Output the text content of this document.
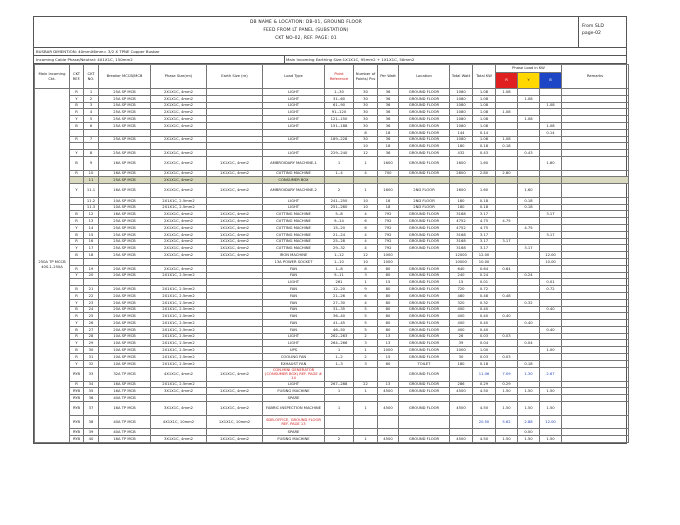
DB NAME & LOCATION: DB-01, GROUND FLOOR
FEED FROM LT PANEL (SUBSTATION)
CKT NO-02, REF. PAGE: 01
From SLD
page-02
BUSBAR DIMENTION: 40mmX6mm= 3/2 X TPNE Copper Busbar
Incoming Cable Phase/Neutral: 4X1X1C, 150mm2	Main Incoming Earthing Size:1X1X1C, 95mm2 + 1X1X1C, 50mm2
Main Incoming Ckt.	CKT REF.	CKT NO.	Breaker MCCB/MCB	Phase Size(rm)	Earth Size (re)	Load Type	Point Reference	Number of Points/ Pcs	Per Watt	Location	Total Watt	Total KW	Phase Load in KW			Remarks
													R	Y	B	
250A TP MCCB 40S-1-250A	R	1	25A SP MCB	2X1X1C, 4mm2		LIGHT	1--30	30	36	GROUND FLOOR	1080	1.08	1.08			
	Y	2	25A SP MCB	2X1X1C, 4mm2		LIGHT	31--60	30	36	GROUND FLOOR	1080	1.08		1.08		
	B	3	25A SP MCB	2X1X1C, 4mm2		LIGHT	61--90	30	36	GROUND FLOOR	1080	1.08			1.08	
	R	4	25A SP MCB	2X1X1C, 4mm2		LIGHT	91--120	30	36	GROUND FLOOR	1080	1.08	1.08			
	Y	5	25A SP MCB	2X1X1C, 4mm2		LIGHT	121--150	30	36	GROUND FLOOR	1080	1.08		1.08		
	B	6	25A SP MCB	2X1X1C, 4mm2		LIGHT	151--188	30	36	GROUND FLOOR	1080	1.08			1.08	
								8	18	GROUND FLOOR	144	0.14			0.14	
	R	7	25A SP MCB	2X1X1C, 4mm2		LIGHT	189--228	30	36	GROUND FLOOR	1080	1.08	1.08			
								10	18	GROUND FLOOR	180	0.18	0.18			
	Y	8	25A SP MCB	2X1X1C, 4mm2		LIGHT	229--240	12	36	GROUND FLOOR	432	0.43		0.43		
	B	9	16A SP MCB	2X1X1C, 4mm2	1X1X1C, 4mm2	AMBROIDARY MACHINE-1	1	1	1600	GROUND FLOOR	1600	1.60			1.60	
	R	10	16A SP MCB	2X1X1C, 4mm2	1X1X1C, 4mm2	CUTTING MACHINE	1--4	4	700	GROUND FLOOR	2800	2.80	2.80			
		11	25A SP MCB	2X1X1C, 4mm2		CONSUMER BOX										
	Y	11.1	16A SP MCB	2X1X1C, 4mm2	1X1X1C, 4mm2	AMBROIDARY MACHINE-2	2	1	1600	2ND FLOOR	1600	1.60		1.60		
		11.2	10A SP MCB	2X1X1C, 2.5mm2		LIGHT	241--250	10	18	2ND FLOOR	180	0.18		0.18		
		11.3	10A SP MCB	2X1X1C, 2.5mm2		LIGHT	251--260	10	18	2ND FLOOR	180	0.18		0.18		
	B	12	16A SP MCB	2X1X1C, 4mm2	1X1X1C, 4mm2	CUTTING MACHINE	5--8	4	792	GROUND FLOOR	3168	3.17			3.17	
	R	13	25A SP MCB	2X1X1C, 4mm2	1X1X1C, 4mm2	CUTTING MACHINE	9--14	6	792	GROUND FLOOR	4752	4.75	4.75			
	Y	14	25A SP MCB	2X1X1C, 4mm2	1X1X1C, 4mm2	CUTTING MACHINE	15--20	6	792	GROUND FLOOR	4752	4.75		4.75		
	B	15	25A SP MCB	2X1X1C, 4mm2	1X1X1C, 4mm2	CUTTING MACHINE	21--24	4	792	GROUND FLOOR	3168	3.17			3.17	
	R	16	25A SP MCB	2X1X1C, 4mm2	1X1X1C, 4mm2	CUTTING MACHINE	25--28	4	792	GROUND FLOOR	3168	3.17	3.17			
	Y	17	25A SP MCB	2X1X1C, 4mm2	1X1X1C, 4mm2	CUTTING MACHINE	29--32	4	792	GROUND FLOOR	3168	3.17		3.17		
	B	18	25A SP MCB	2X1X1C, 4mm2	1X1X1C, 4mm2	IRON MACHINE	1--12	12	1000		12000	12.00			12.00	
						13A POWER SOCKET	1--10	10	1000		10000	10.00			10.00	
	R	19	20A SP MCB	2X1X1C, 4mm2		FAN	1--8	8	80	GROUND FLOOR	640	0.64	0.64			
	Y	20	20A SP MCB	2X1X1C, 2.5mm2		FAN	9--11	3	80	GROUND FLOOR	240	0.24		0.24		
						LIGHT	261	1	15	GROUND FLOOR	15	0.01			0.01	
	B	21	20A SP MCB	2X1X1C, 2.5mm2		FAN	12--20	9	80	GROUND FLOOR	720	0.72			0.72	
	R	22	20A SP MCB	2X1X1C, 2.5mm2		FAN	21--26	6	80	GROUND FLOOR	480	0.48	0.48			
	Y	23	20A SP MCB	2X1X1C, 2.5mm2		FAN	27--30	4	80	GROUND FLOOR	320	0.32		0.32		
	B	24	20A SP MCB	2X1X1C, 2.5mm2		FAN	31--35	5	80	GROUND FLOOR	400	0.40			0.40	
	R	25	20A SP MCB	2X1X1C, 2.5mm2		FAN	36--40	5	80	GROUND FLOOR	400	0.40	0.40			
	Y	26	20A SP MCB	2X1X1C, 2.5mm2		FAN	41--45	5	80	GROUND FLOOR	400	0.40		0.40		
	B	27	20A SP MCB	2X1X1C, 2.5mm2		FAN	46--50	5	80	GROUND FLOOR	400	0.40			0.40	
	R	28	10A SP MCB	2X1X1C, 2.5mm2		LIGHT	262--263	2	13	GROUND FLOOR	26	0.03	0.03			
	Y	29	10A SP MCB	2X1X1C, 2.5mm2		LIGHT	264--266	3	13	GROUND FLOOR	39	0.04		0.04		
	B	30	10A SP MCB	2X1X1C, 2.5mm2		UPS	1	1	1000	GROUND FLOOR	1000	1.00			1.00	
	R	31	10A SP MCB	2X1X1C, 2.5mm2		COOLING FAN	1--2	2	15	GROUND FLOOR	30	0.03	0.03			
	Y	32	10A SP MCB	2X1X1C, 2.5mm2		EXHAUST FAN	1--3	3	60	TOILET	180	0.18		0.18		
	RYB	33	32A TP MCB	4X1X1C, 4mm2	1X1X1C, 4mm2	CON.MINI GENERATOR (CONSUMER BOX) REF. PAGE # 14				GROUND FLOOR		11.06	7.09	1.30	2.67	
	R	34	16A SP MCB	2X1X1C, 2.5mm2		LIGHT	267--288	22	13	GROUND FLOOR	286	0.29	0.29			
	RYB	35	16A TP MCB	3X1X1C, 4mm2	1X1X1C, 4mm2	FUSING MACHINE	1	1	4500	GROUND FLOOR	4500	4.50	1.50	1.50	1.50	
	RYB	36	40A TP MCB			SPARE										
	RYB	37	16A TP MCB	3X1X1C, 4mm2	1X1X1C, 4mm2	FABRIC INSPECTION MACHINE	1	1	4500	GROUND FLOOR	4500	4.50	1.50	1.50	1.50	
	RYB	38	40A TP MCB	4X1X1C, 10mm2	1X1X1C, 10mm2	SDB-OFFICE, GROUND FLOOR REF. PAGE 13						20.50	5.62	2.88	12.00	
	RYB	39	40A TP MCB			SPARE								0.00		
	RYB	40	16A TP MCB	3X1X1C, 4mm2	1X1X1C, 4mm2	FUSING MACHINE	2	1	4500	GROUND FLOOR	4500	4.50	1.50	1.50	1.50	
